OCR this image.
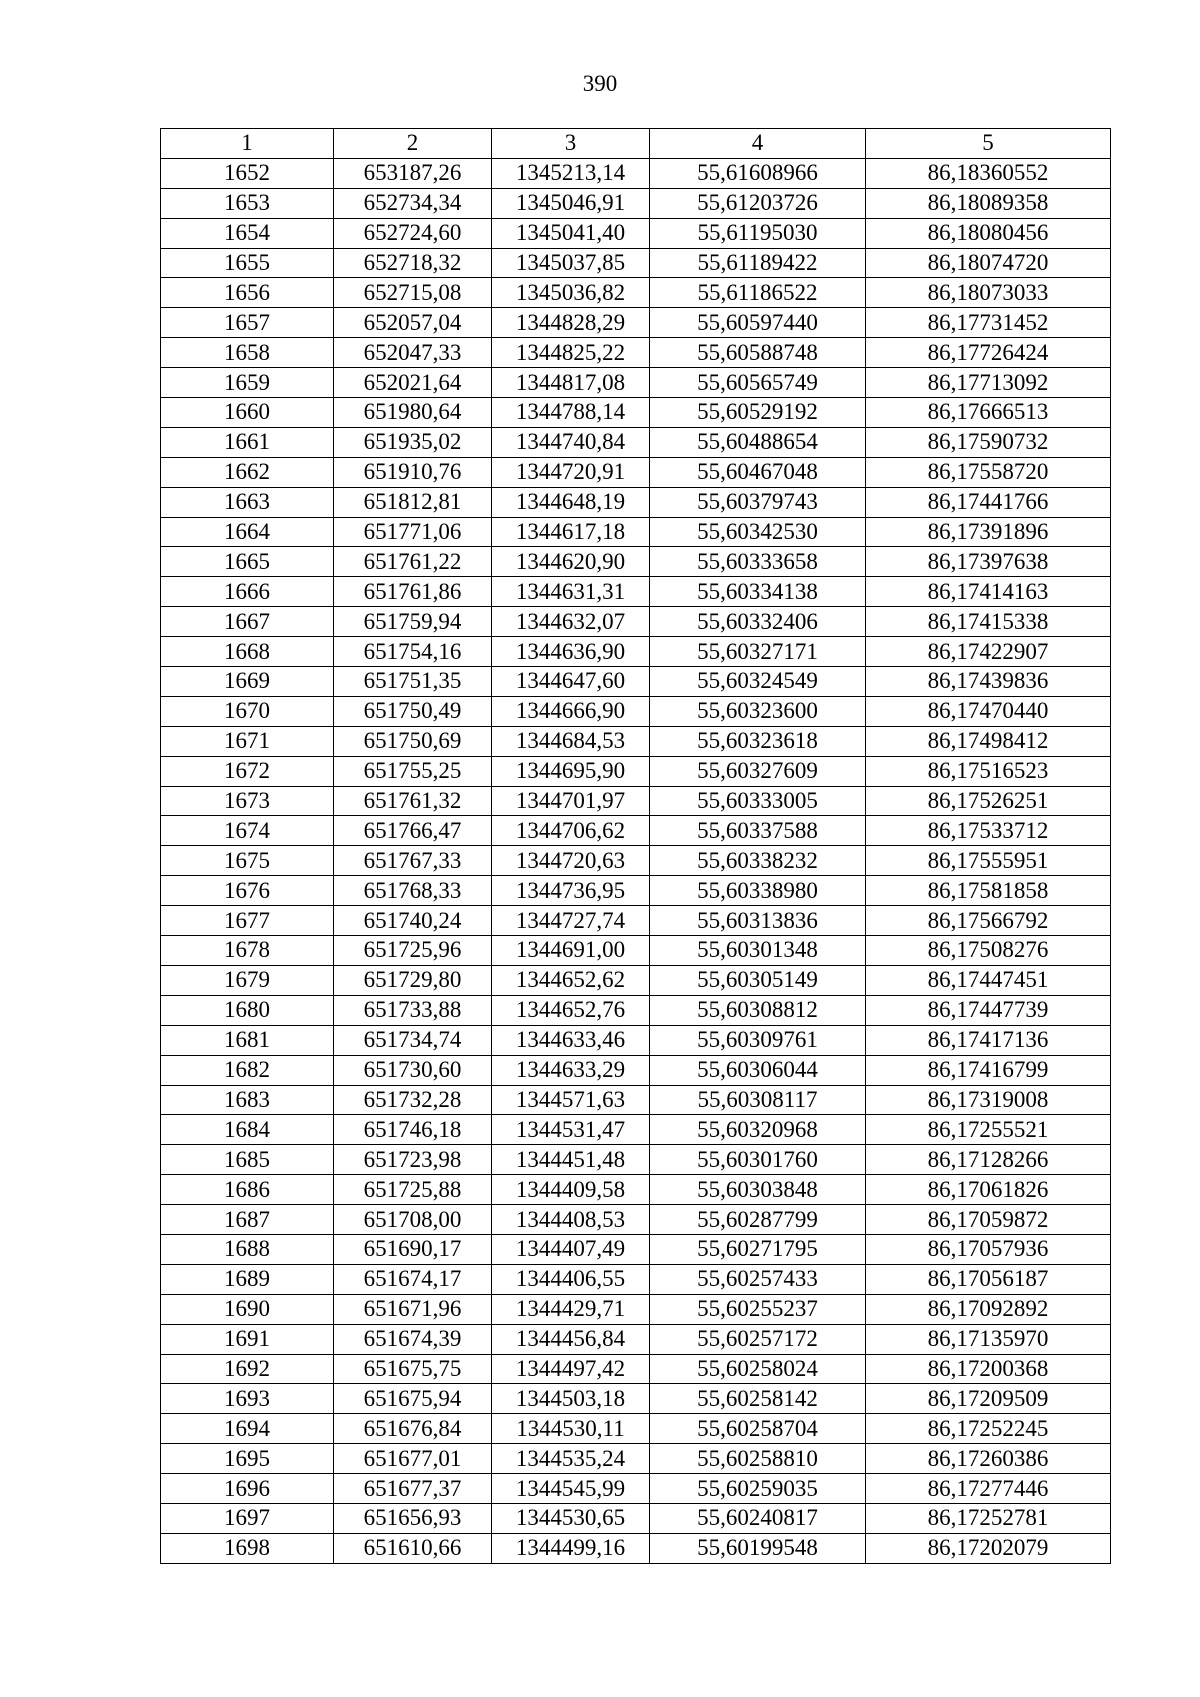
390
1	2	3	4	5
1652	653187,26	1345213,14	55,61608966	86,18360552
1653	652734,34	1345046,91	55,61203726	86,18089358
1654	652724,60	1345041,40	55,61195030	86,18080456
1655	652718,32	1345037,85	55,61189422	86,18074720
1656	652715,08	1345036,82	55,61186522	86,18073033
1657	652057,04	1344828,29	55,60597440	86,17731452
1658	652047,33	1344825,22	55,60588748	86,17726424
1659	652021,64	1344817,08	55,60565749	86,17713092
1660	651980,64	1344788,14	55,60529192	86,17666513
1661	651935,02	1344740,84	55,60488654	86,17590732
1662	651910,76	1344720,91	55,60467048	86,17558720
1663	651812,81	1344648,19	55,60379743	86,17441766
1664	651771,06	1344617,18	55,60342530	86,17391896
1665	651761,22	1344620,90	55,60333658	86,17397638
1666	651761,86	1344631,31	55,60334138	86,17414163
1667	651759,94	1344632,07	55,60332406	86,17415338
1668	651754,16	1344636,90	55,60327171	86,17422907
1669	651751,35	1344647,60	55,60324549	86,17439836
1670	651750,49	1344666,90	55,60323600	86,17470440
1671	651750,69	1344684,53	55,60323618	86,17498412
1672	651755,25	1344695,90	55,60327609	86,17516523
1673	651761,32	1344701,97	55,60333005	86,17526251
1674	651766,47	1344706,62	55,60337588	86,17533712
1675	651767,33	1344720,63	55,60338232	86,17555951
1676	651768,33	1344736,95	55,60338980	86,17581858
1677	651740,24	1344727,74	55,60313836	86,17566792
1678	651725,96	1344691,00	55,60301348	86,17508276
1679	651729,80	1344652,62	55,60305149	86,17447451
1680	651733,88	1344652,76	55,60308812	86,17447739
1681	651734,74	1344633,46	55,60309761	86,17417136
1682	651730,60	1344633,29	55,60306044	86,17416799
1683	651732,28	1344571,63	55,60308117	86,17319008
1684	651746,18	1344531,47	55,60320968	86,17255521
1685	651723,98	1344451,48	55,60301760	86,17128266
1686	651725,88	1344409,58	55,60303848	86,17061826
1687	651708,00	1344408,53	55,60287799	86,17059872
1688	651690,17	1344407,49	55,60271795	86,17057936
1689	651674,17	1344406,55	55,60257433	86,17056187
1690	651671,96	1344429,71	55,60255237	86,17092892
1691	651674,39	1344456,84	55,60257172	86,17135970
1692	651675,75	1344497,42	55,60258024	86,17200368
1693	651675,94	1344503,18	55,60258142	86,17209509
1694	651676,84	1344530,11	55,60258704	86,17252245
1695	651677,01	1344535,24	55,60258810	86,17260386
1696	651677,37	1344545,99	55,60259035	86,17277446
1697	651656,93	1344530,65	55,60240817	86,17252781
1698	651610,66	1344499,16	55,60199548	86,17202079
